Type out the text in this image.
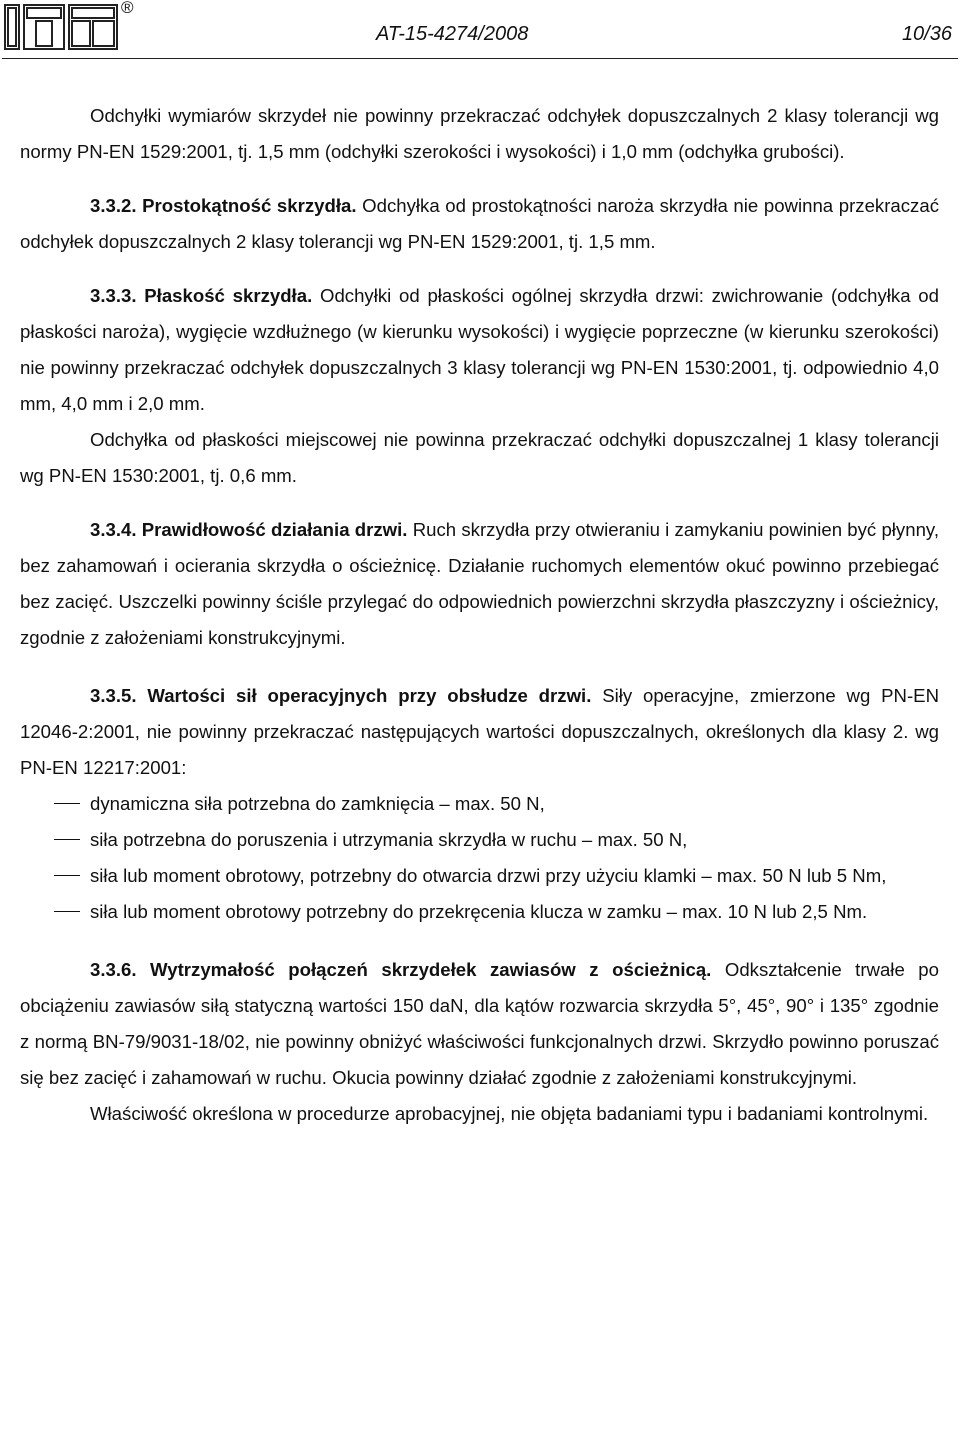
®
AT-15-4274/2008	10/36

Odchyłki wymiarów skrzydeł nie powinny przekraczać odchyłek dopuszczalnych 2 klasy tolerancji wg normy PN-EN 1529:2001, tj. 1,5 mm (odchyłki szerokości i wysokości) i 1,0 mm (odchyłka grubości).

3.3.2. Prostokątność skrzydła. Odchyłka od prostokątności naroża skrzydła nie powinna przekraczać odchyłek dopuszczalnych 2 klasy tolerancji wg PN-EN 1529:2001, tj. 1,5 mm.

3.3.3. Płaskość skrzydła. Odchyłki od płaskości ogólnej skrzydła drzwi: zwichrowanie (odchyłka od płaskości naroża), wygięcie wzdłużnego (w kierunku wysokości) i wygięcie poprzeczne (w kierunku szerokości) nie powinny przekraczać odchyłek dopuszczalnych 3 klasy tolerancji wg PN-EN 1530:2001, tj. odpowiednio 4,0 mm, 4,0 mm i 2,0 mm.

Odchyłka od płaskości miejscowej nie powinna przekraczać odchyłki dopuszczalnej 1 klasy tolerancji wg PN-EN 1530:2001, tj. 0,6 mm.

3.3.4. Prawidłowość działania drzwi. Ruch skrzydła przy otwieraniu i zamykaniu powinien być płynny, bez zahamowań i ocierania skrzydła o ościeżnicę. Działanie ruchomych elementów okuć powinno przebiegać bez zacięć. Uszczelki powinny ściśle przylegać do odpowiednich powierzchni skrzydła płaszczyzny i ościeżnicy, zgodnie z założeniami konstrukcyjnymi.

3.3.5. Wartości sił operacyjnych przy obsłudze drzwi. Siły operacyjne, zmierzone wg PN-EN 12046-2:2001, nie powinny przekraczać następujących wartości dopuszczalnych, określonych dla klasy 2. wg PN-EN 12217:2001:

dynamiczna siła potrzebna do zamknięcia – max. 50 N,
siła potrzebna do poruszenia i utrzymania skrzydła w ruchu – max. 50 N,
siła lub moment obrotowy, potrzebny do otwarcia drzwi przy użyciu klamki – max. 50 N lub 5 Nm,
siła lub moment obrotowy potrzebny do przekręcenia klucza w zamku – max. 10 N lub 2,5 Nm.

3.3.6. Wytrzymałość połączeń skrzydełek zawiasów z ościeżnicą. Odkształcenie trwałe po obciążeniu zawiasów siłą statyczną wartości 150 daN, dla kątów rozwarcia skrzydła 5°, 45°, 90° i 135° zgodnie z normą BN-79/9031-18/02, nie powinny obniżyć właściwości funkcjonalnych drzwi. Skrzydło powinno poruszać się bez zacięć i zahamowań w ruchu. Okucia powinny działać zgodnie z założeniami konstrukcyjnymi.

Właściwość określona w procedurze aprobacyjnej, nie objęta badaniami typu i badaniami kontrolnymi.
